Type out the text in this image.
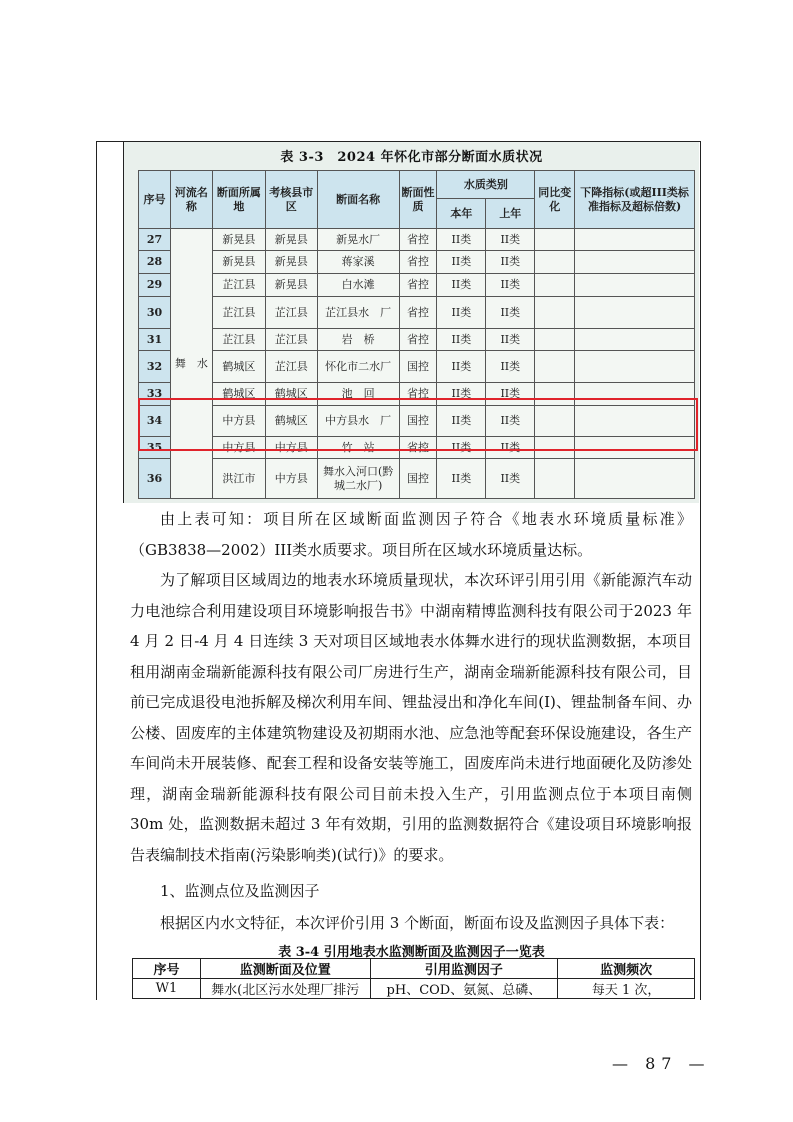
表 3-3　2024 年怀化市部分断面水质状况
序号	河流名称	断面所属地	考核县市区	断面名称	断面性质	水质类别		同比变化	下降指标(或超III类标准指标及超标倍数)
						本年	上年		
27	舞　水	新晃县	新晃县	新晃水厂	省控	II类	II类		
28		新晃县	新晃县	蒋家溪	省控	II类	II类		
29		芷江县	新晃县	白水滩	省控	II类	II类		
30		芷江县	芷江县	芷江县水　厂	省控	II类	II类		
31		芷江县	芷江县	岩　桥	省控	II类	II类		
32		鹤城区	芷江县	怀化市二水厂	国控	II类	II类		
33		鹤城区	鹤城区	池　回	省控	II类	II类		
34		中方县	鹤城区	中方县水　厂	国控	II类	II类		
35		中方县	中方县	竹　站	省控	II类	II类		
36		洪江市	中方县	舞水入河口(黔城二水厂)	国控	II类	II类		
由上表可知：项目所在区域断面监测因子符合《地表水环境质量标准》（GB3838—2002）III类水质要求。项目所在区域水环境质量达标。
为了解项目区域周边的地表水环境质量现状，本次环评引用引用《新能源汽车动力电池综合利用建设项目环境影响报告书》中湖南精博监测科技有限公司于2023 年 4 月 2 日-4 月 4 日连续 3 天对项目区域地表水体舞水进行的现状监测数据，本项目租用湖南金瑞新能源科技有限公司厂房进行生产，湖南金瑞新能源科技有限公司，目前已完成退役电池拆解及梯次利用车间、锂盐浸出和净化车间(I)、锂盐制备车间、办公楼、固废库的主体建筑物建设及初期雨水池、应急池等配套环保设施建设，各生产车间尚未开展装修、配套工程和设备安装等施工，固废库尚未进行地面硬化及防渗处理，湖南金瑞新能源科技有限公司目前未投入生产，引用监测点位于本项目南侧 30m 处，监测数据未超过 3 年有效期，引用的监测数据符合《建设项目环境影响报告表编制技术指南(污染影响类)(试行)》的要求。
1、监测点位及监测因子
根据区内水文特征，本次评价引用 3 个断面，断面布设及监测因子具体下表：
表 3-4 引用地表水监测断面及监测因子一览表
序号	监测断面及位置	引用监测因子	监测频次
W1	舞水(北区污水处理厂排污	pH、COD、氨氮、总磷、	每天 1 次，
— 87 —
